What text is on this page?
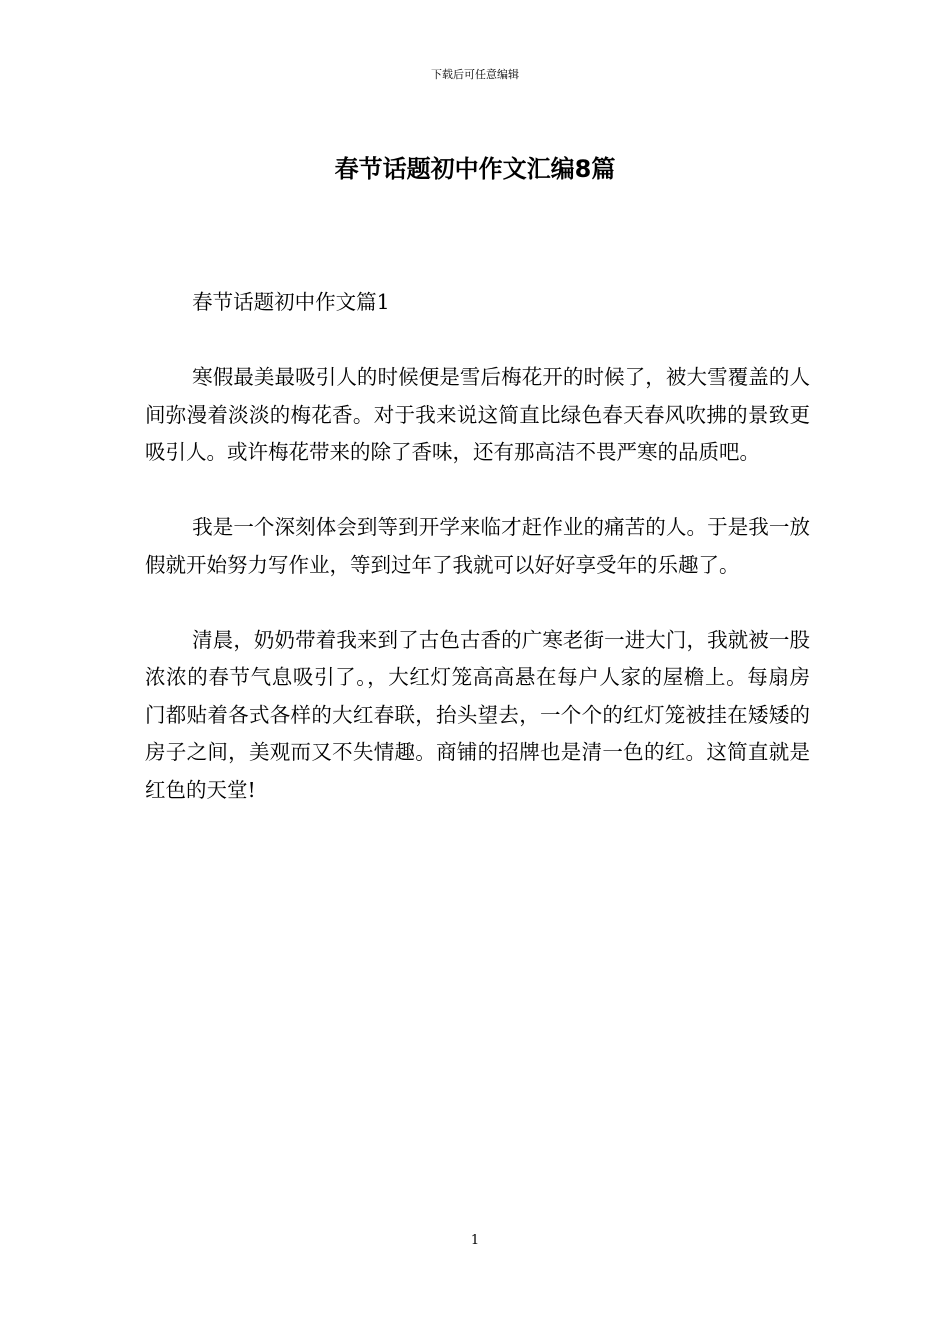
下载后可任意编辑
春节话题初中作文汇编8篇

春节话题初中作文篇1

寒假最美最吸引人的时候便是雪后梅花开的时候了，被大雪覆盖的人间弥漫着淡淡的梅花香。对于我来说这简直比绿色春天春风吹拂的景致更吸引人。或许梅花带来的除了香味，还有那高洁不畏严寒的品质吧。

我是一个深刻体会到等到开学来临才赶作业的痛苦的人。于是我一放假就开始努力写作业，等到过年了我就可以好好享受年的乐趣了。

清晨，奶奶带着我来到了古色古香的广寒老街一进大门，我就被一股浓浓的春节气息吸引了。，大红灯笼高高悬在每户人家的屋檐上。每扇房门都贴着各式各样的大红春联，抬头望去，一个个的红灯笼被挂在矮矮的房子之间，美观而又不失情趣。商铺的招牌也是清一色的红。这简直就是红色的天堂!

1
